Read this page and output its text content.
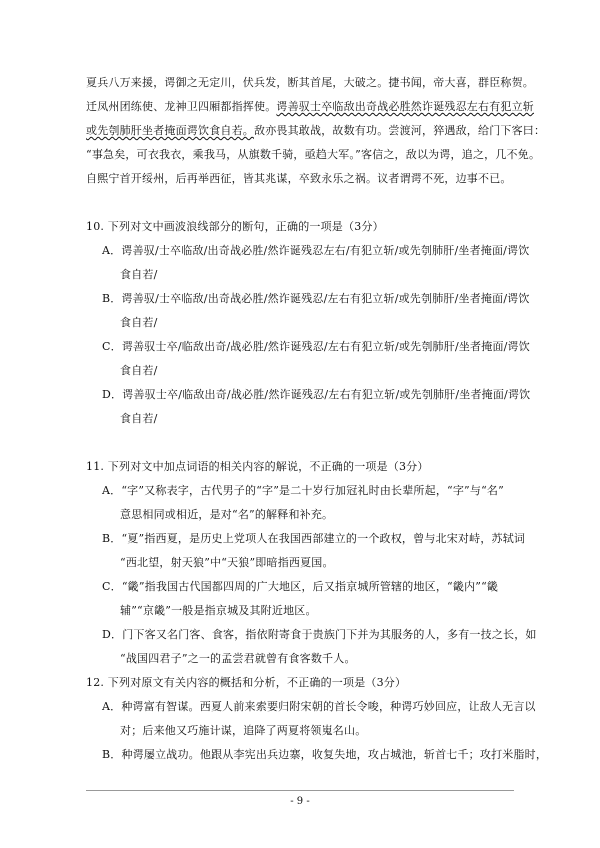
夏兵八万来援，谔御之无定川，伏兵发，断其首尾，大破之。捷书闻，帝大喜，群臣称贺。
迁凤州团练使、龙神卫四厢都指挥使。谔善驭士卒临敌出奇战必胜然诈诞残忍左右有犯立斩
或先刳肺肝坐者掩面谔饮食自若。敌亦畏其敢战，故数有功。尝渡河，猝遇敌，给门下客曰：
“事急矣，可衣我衣，乘我马，从旗数千骑，亟趋大军。”客信之，敌以为谔，追之，几不免。
自熙宁首开绥州，后再举西征，皆其兆谋，卒致永乐之祸。议者谓谔不死，边事不已。
10. 下列对文中画波浪线部分的断句，正确的一项是（3分）
A．谔善驭/士卒临敌/出奇战必胜/然诈诞残忍左右/有犯立斩/或先刳肺肝/坐者掩面/谔饮
食自若/
B．谔善驭/士卒临敌/出奇战必胜/然诈诞残忍/左右有犯立斩/或先刳肺肝/坐者掩面/谔饮
食自若/
C．谔善驭士卒/临敌出奇/战必胜/然诈诞残忍/左右有犯立斩/或先刳肺肝/坐者掩面/谔饮
食自若/
D．谔善驭士卒/临敌出奇/战必胜/然诈诞残忍/左右有犯立斩/或先刳肺肝/坐者掩面/谔饮
食自若/
11. 下列对文中加点词语的相关内容的解说，不正确的一项是（3分）
A．“字”又称表字，古代男子的“字”是二十岁行加冠礼时由长辈所起，“字”与“名”
意思相同或相近，是对“名”的解释和补充。
B．“夏”指西夏，是历史上党项人在我国西部建立的一个政权，曾与北宋对峙，苏轼词
“西北望，射天狼”中“天狼”即暗指西夏国。
C．“畿”指我国古代国都四周的广大地区，后又指京城所管辖的地区，“畿内”“畿
辅”“京畿”一般是指京城及其附近地区。
D．门下客又名门客、食客，指依附寄食于贵族门下并为其服务的人，多有一技之长，如
“战国四君子”之一的孟尝君就曾有食客数千人。
12. 下列对原文有关内容的概括和分析，不正确的一项是（3分）
A．种谔富有智谋。西夏人前来索要归附宋朝的首长令唆，种谔巧妙回应，让敌人无言以
对；后来他又巧施计谋，追降了两夏将领嵬名山。
B．种谔屡立战功。他跟从李宪出兵边寨，收复失地，攻占城池，斩首七千；攻打米脂时，
- 9 -
